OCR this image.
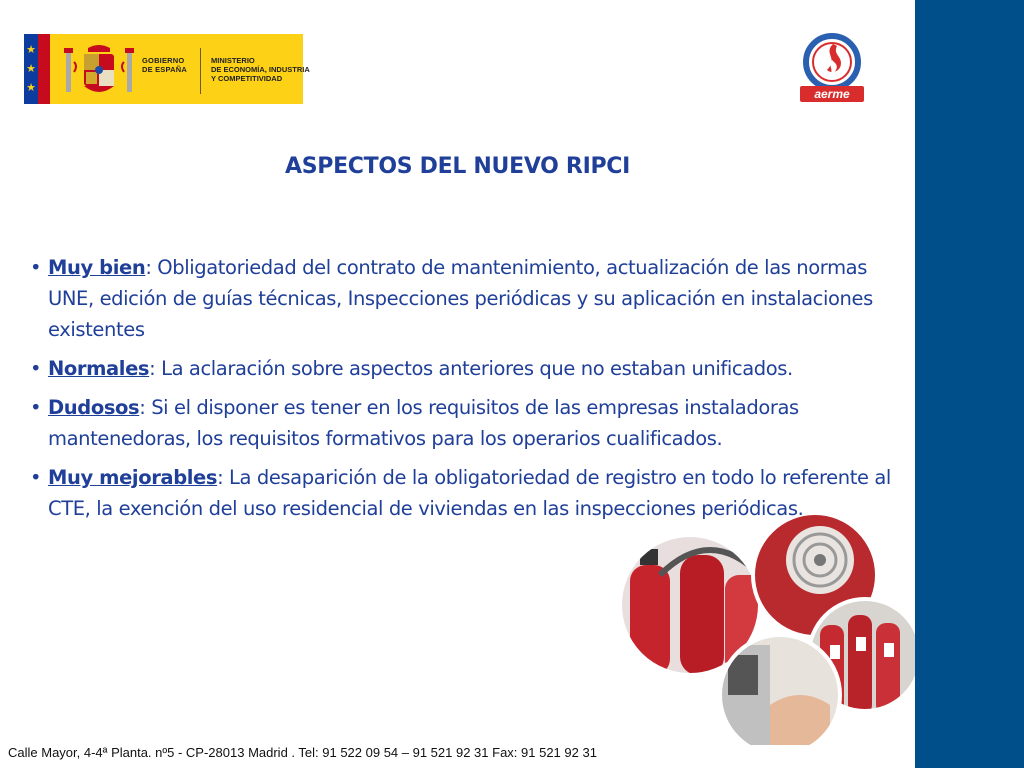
★
★
★
GOBIERNO
DE ESPAÑA
MINISTERIO
DE ECONOMÍA, INDUSTRIA
Y COMPETITIVIDAD
aerme
ASPECTOS DEL NUEVO RIPCI
• Muy bien: Obligatoriedad del contrato de mantenimiento, actualización de las normas UNE, edición de guías técnicas, Inspecciones periódicas y su aplicación en instalaciones existentes
• Normales: La aclaración sobre aspectos anteriores que no estaban unificados.
• Dudosos: Si el disponer es tener en los requisitos de las empresas instaladoras mantenedoras, los requisitos formativos para los operarios cualificados.
• Muy mejorables: La desaparición de la obligatoriedad de registro en todo lo referente al CTE, la exención del uso residencial de viviendas en las inspecciones periódicas.
Calle Mayor, 4-4ª Planta. nº5 - CP-28013 Madrid . Tel: 91 522 09 54 – 91 521 92 31 Fax: 91 521 92 31
